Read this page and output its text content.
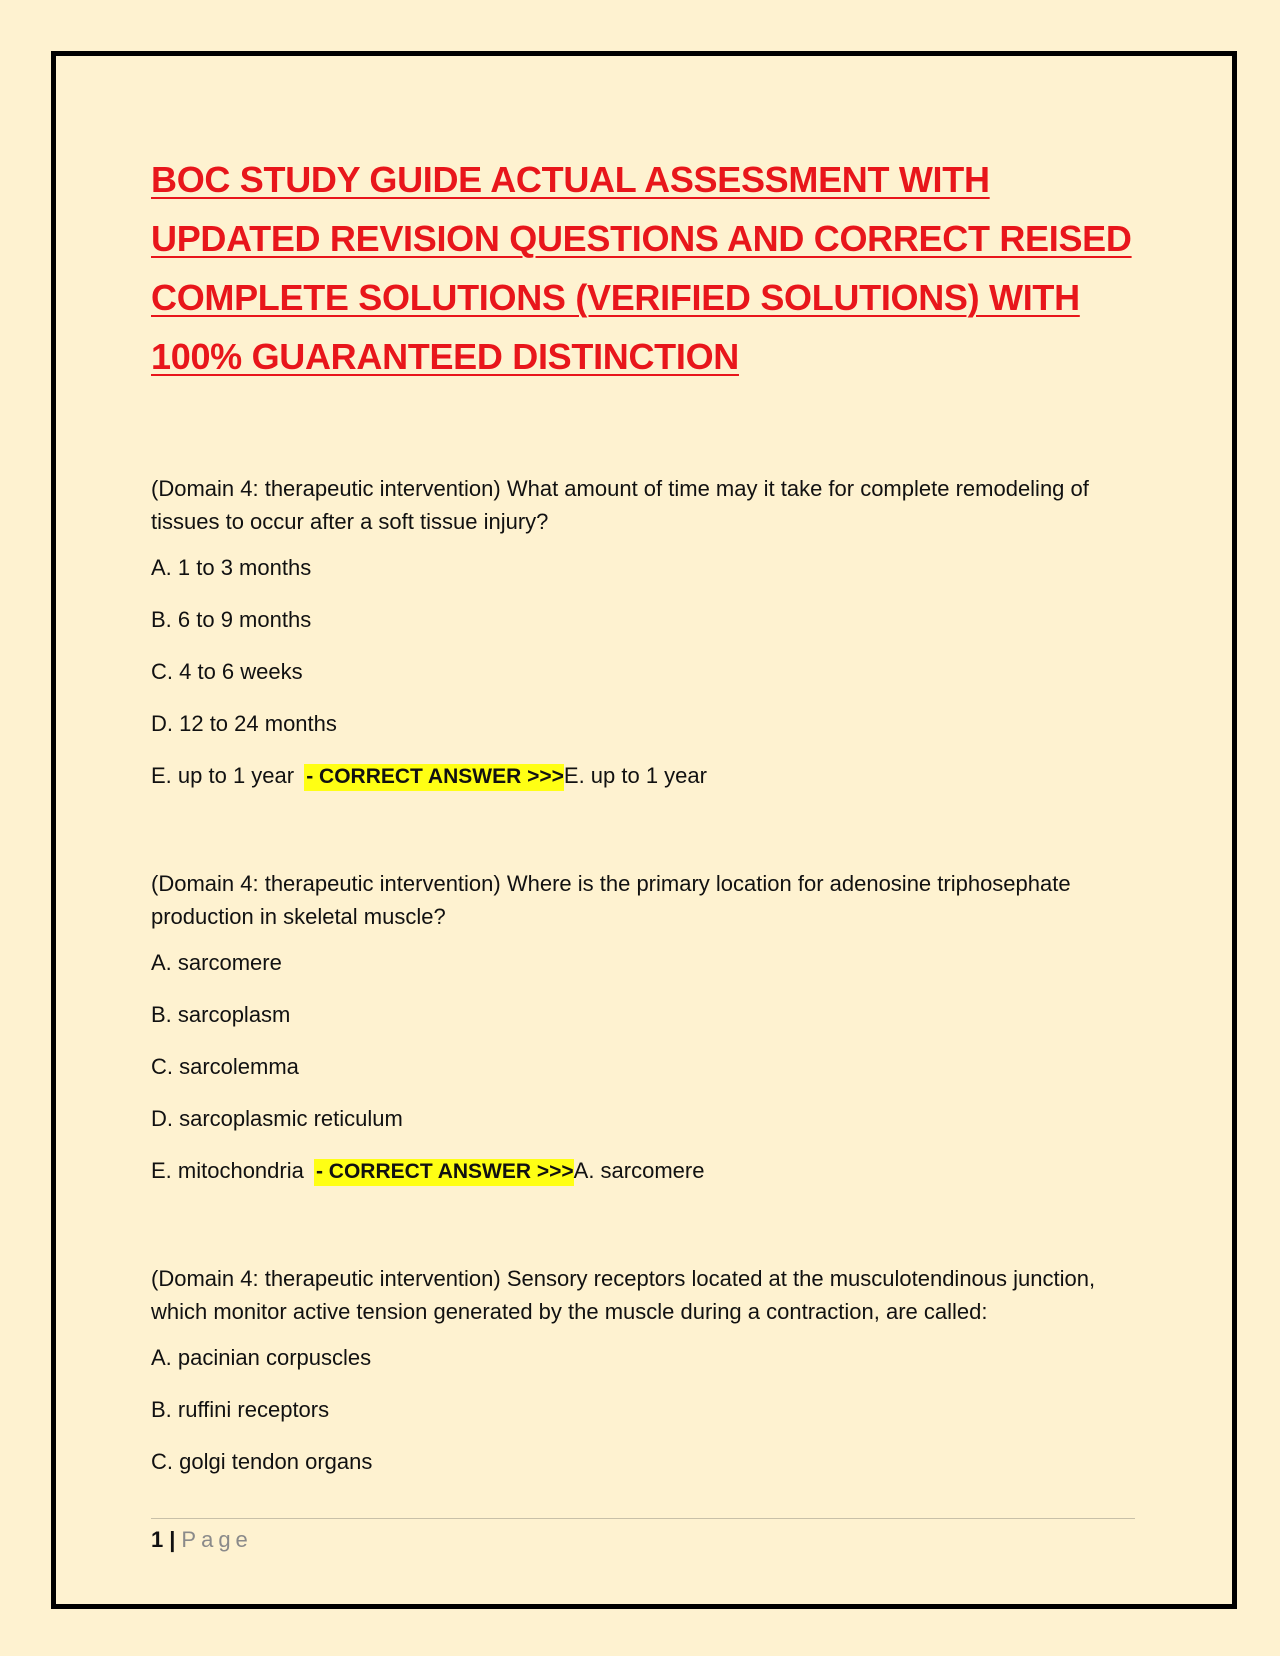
BOC STUDY GUIDE ACTUAL ASSESSMENT WITH UPDATED REVISION QUESTIONS AND CORRECT REISED COMPLETE SOLUTIONS (VERIFIED SOLUTIONS) WITH 100% GUARANTEED DISTINCTION

(Domain 4: therapeutic intervention) What amount of time may it take for complete remodeling of tissues to occur after a soft tissue injury?

A. 1 to 3 months
B. 6 to 9 months
C. 4 to 6 weeks
D. 12 to 24 months
E. up to 1 year - CORRECT ANSWER >>>E. up to 1 year

(Domain 4: therapeutic intervention) Where is the primary location for adenosine triphosephate production in skeletal muscle?

A. sarcomere
B. sarcoplasm
C. sarcolemma
D. sarcoplasmic reticulum
E. mitochondria - CORRECT ANSWER >>>A. sarcomere

(Domain 4: therapeutic intervention) Sensory receptors located at the musculotendinous junction, which monitor active tension generated by the muscle during a contraction, are called:

A. pacinian corpuscles
B. ruffini receptors
C. golgi tendon organs
1 | Page
